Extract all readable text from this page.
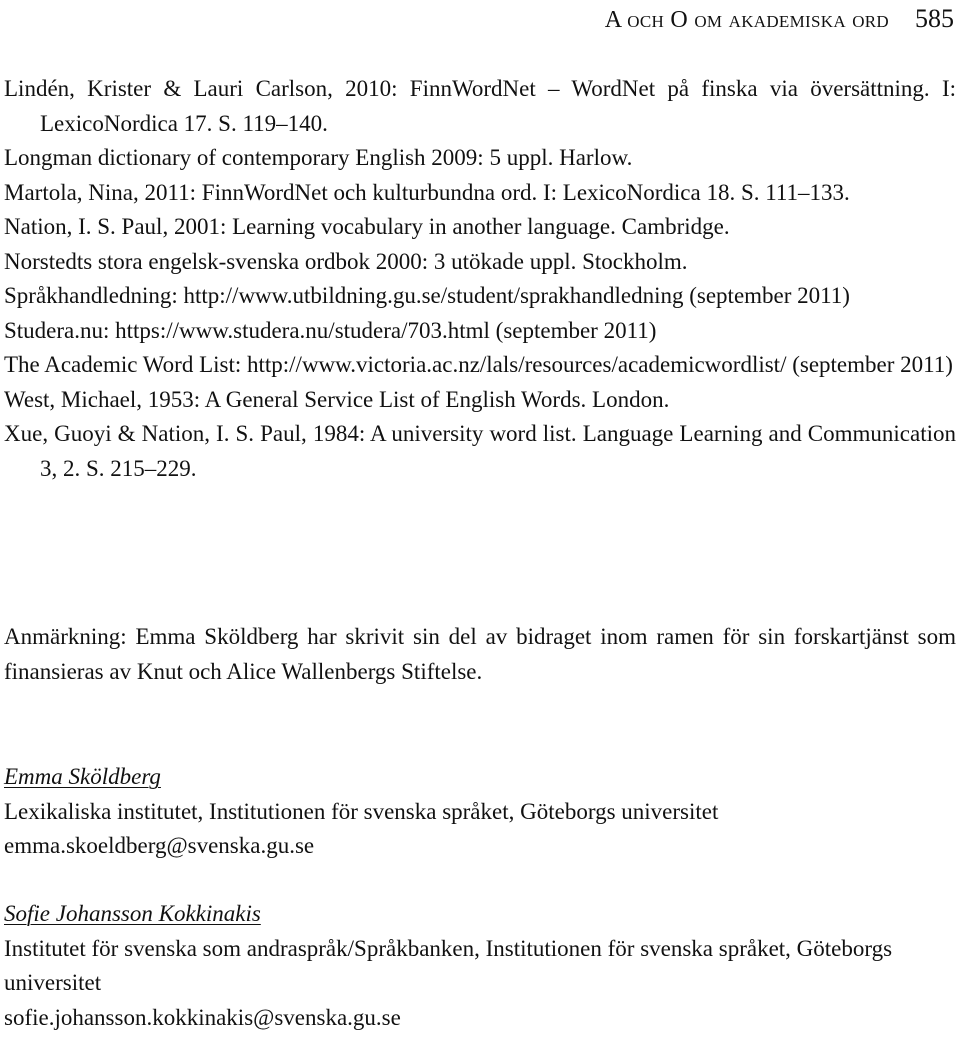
A och O om akademiska ord 585
Lindén, Krister & Lauri Carlson, 2010: FinnWordNet – WordNet på finska via översättning. I: LexicoNordica 17. S. 119–140.
Longman dictionary of contemporary English 2009: 5 uppl. Harlow.
Martola, Nina, 2011: FinnWordNet och kulturbundna ord. I: LexicoNordica 18. S. 111–133.
Nation, I. S. Paul, 2001: Learning vocabulary in another language. Cambridge.
Norstedts stora engelsk-svenska ordbok 2000: 3 utökade uppl. Stockholm.
Språkhandledning: http://www.utbildning.gu.se/student/sprakhandledning (september 2011)
Studera.nu: https://www.studera.nu/studera/703.html (september 2011)
The Academic Word List: http://www.victoria.ac.nz/lals/resources/academicwordlist/ (september 2011)
West, Michael, 1953: A General Service List of English Words. London.
Xue, Guoyi & Nation, I. S. Paul, 1984: A university word list. Language Learning and Communication 3, 2. S. 215–229.

Anmärkning: Emma Sköldberg har skrivit sin del av bidraget inom ramen för sin forskartjänst som finansieras av Knut och Alice Wallenbergs Stiftelse.

Emma Sköldberg
Lexikaliska institutet, Institutionen för svenska språket, Göteborgs universitet
emma.skoeldberg@svenska.gu.se
Sofie Johansson Kokkinakis
Institutet för svenska som andraspråk/Språkbanken, Institutionen för svenska språket, Göteborgs universitet
sofie.johansson.kokkinakis@svenska.gu.se
